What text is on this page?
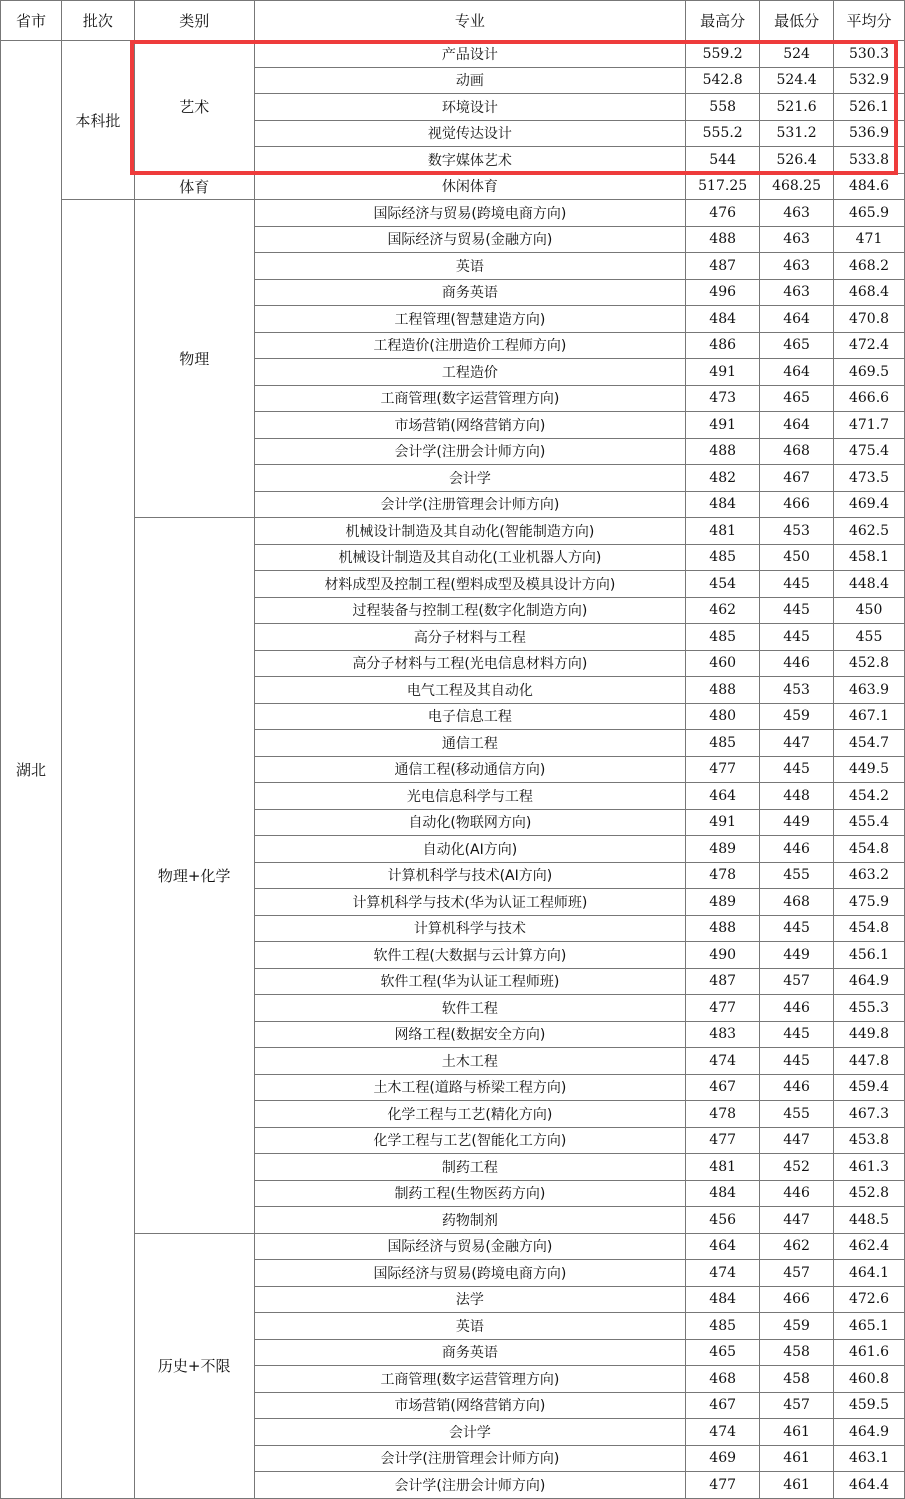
省市	批次	类别	专业	最高分	最低分	平均分
湖北	本科批	艺术	产品设计	559.2	524	530.3
			动画	542.8	524.4	532.9
			环境设计	558	521.6	526.1
			视觉传达设计	555.2	531.2	536.9
			数字媒体艺术	544	526.4	533.8
		体育	休闲体育	517.25	468.25	484.6
		物理	国际经济与贸易(跨境电商方向)	476	463	465.9
			国际经济与贸易(金融方向)	488	463	471
			英语	487	463	468.2
			商务英语	496	463	468.4
			工程管理(智慧建造方向)	484	464	470.8
			工程造价(注册造价工程师方向)	486	465	472.4
			工程造价	491	464	469.5
			工商管理(数字运营管理方向)	473	465	466.6
			市场营销(网络营销方向)	491	464	471.7
			会计学(注册会计师方向)	488	468	475.4
			会计学	482	467	473.5
			会计学(注册管理会计师方向)	484	466	469.4
		物理+化学	机械设计制造及其自动化(智能制造方向)	481	453	462.5
			机械设计制造及其自动化(工业机器人方向)	485	450	458.1
			材料成型及控制工程(塑料成型及模具设计方向)	454	445	448.4
			过程装备与控制工程(数字化制造方向)	462	445	450
			高分子材料与工程	485	445	455
			高分子材料与工程(光电信息材料方向)	460	446	452.8
			电气工程及其自动化	488	453	463.9
			电子信息工程	480	459	467.1
			通信工程	485	447	454.7
			通信工程(移动通信方向)	477	445	449.5
			光电信息科学与工程	464	448	454.2
			自动化(物联网方向)	491	449	455.4
			自动化(AI方向)	489	446	454.8
			计算机科学与技术(AI方向)	478	455	463.2
			计算机科学与技术(华为认证工程师班)	489	468	475.9
			计算机科学与技术	488	445	454.8
			软件工程(大数据与云计算方向)	490	449	456.1
			软件工程(华为认证工程师班)	487	457	464.9
			软件工程	477	446	455.3
			网络工程(数据安全方向)	483	445	449.8
			土木工程	474	445	447.8
			土木工程(道路与桥梁工程方向)	467	446	459.4
			化学工程与工艺(精化方向)	478	455	467.3
			化学工程与工艺(智能化工方向)	477	447	453.8
			制药工程	481	452	461.3
			制药工程(生物医药方向)	484	446	452.8
			药物制剂	456	447	448.5
		历史+不限	国际经济与贸易(金融方向)	464	462	462.4
			国际经济与贸易(跨境电商方向)	474	457	464.1
			法学	484	466	472.6
			英语	485	459	465.1
			商务英语	465	458	461.6
			工商管理(数字运营管理方向)	468	458	460.8
			市场营销(网络营销方向)	467	457	459.5
			会计学	474	461	464.9
			会计学(注册管理会计师方向)	469	461	463.1
			会计学(注册会计师方向)	477	461	464.4
